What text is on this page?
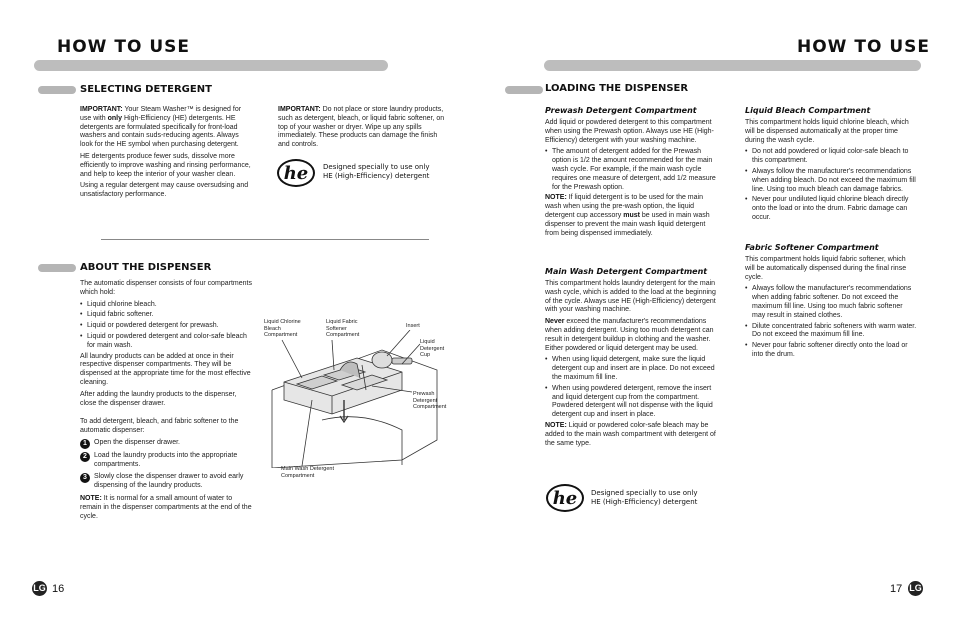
HOW TO USE
SELECTING DETERGENT

IMPORTANT: Your Steam Washer™ is designed for use with only High-Efficiency (HE) detergents. HE detergents are formulated specifically for front-load washers and contain suds-reducing agents. Always look for the HE symbol when purchasing detergent.

HE detergents produce fewer suds, dissolve more efficiently to improve washing and rinsing performance, and help to keep the interior of your washer clean.

Using a regular detergent may cause oversudsing and unsatisfactory performance.

IMPORTANT: Do not place or store laundry products, such as detergent, bleach, or liquid fabric softener, on top of your washer or dryer. Wipe up any spills immediately. These products can damage the finish and controls.

he	Designed specially to use only
HE (High-Efficiency) detergent
ABOUT THE DISPENSER

The automatic dispenser consists of four compartments which hold:

• Liquid chlorine bleach.
• Liquid fabric softener.
• Liquid or powdered detergent for prewash.
• Liquid or powdered detergent and color-safe bleach for main wash.

All laundry products can be added at once in their respective dispenser compartments. They will be dispensed at the appropriate time for the most effective cleaning.

After adding the laundry products to the dispenser, close the dispenser drawer.

To add detergent, bleach, and fabric softener to the automatic dispenser:

1	Open the dispenser drawer.
2	Load the laundry products into the appropriate compartments.
3	Slowly close the dispenser drawer to avoid early dispensing of the laundry products.

NOTE: It is normal for a small amount of water to remain in the dispenser compartments at the end of the cycle.

Liquid Chlorine Bleach Compartment
Liquid Fabric Softener Compartment
Insert
Liquid Detergent Cup
Prewash Detergent Compartment
Main Wash Detergent Compartment
LG 16
HOW TO USE
LOADING THE DISPENSER
Prewash Detergent Compartment

Add liquid or powdered detergent to this compartment when using the Prewash option. Always use HE (High-Efficiency) detergent with your washing machine.

• The amount of detergent added for the Prewash option is 1/2 the amount recommended for the main wash cycle. For example, if the main wash cycle requires one measure of detergent, add 1/2 measure for the Prewash option.

NOTE: If liquid detergent is to be used for the main wash when using the pre-wash option, the liquid detergent cup accessory must be used in main wash dispenser to prevent the main wash liquid detergent from being dispensed immediately.

Main Wash Detergent Compartment

This compartment holds laundry detergent for the main wash cycle, which is added to the load at the beginning of the cycle. Always use HE (High-Efficiency) detergent with your washing machine.

Never exceed the manufacturer's recommendations when adding detergent. Using too much detergent can result in detergent buildup in clothing and the washer. Either powdered or liquid detergent may be used.

• When using liquid detergent, make sure the liquid detergent cup and insert are in place. Do not exceed the maximum fill line.
• When using powdered detergent, remove the insert and liquid detergent cup from the compartment. Powdered detergent will not dispense with the liquid detergent cup and insert in place.

NOTE: Liquid or powdered color-safe bleach may be added to the main wash compartment with detergent of the same type.

he	Designed specially to use only
HE (High-Efficiency) detergent
Liquid Bleach Compartment

This compartment holds liquid chlorine bleach, which will be dispensed automatically at the proper time during the wash cycle.

• Do not add powdered or liquid color-safe bleach to this compartment.
• Always follow the manufacturer's recommendations when adding bleach. Do not exceed the maximum fill line. Using too much bleach can damage fabrics.
• Never pour undiluted liquid chlorine bleach directly onto the load or into the drum. Fabric damage can occur.
Fabric Softener Compartment

This compartment holds liquid fabric softener, which will be automatically dispensed during the final rinse cycle.

• Always follow the manufacturer's recommendations when adding fabric softener. Do not exceed the maximum fill line. Using too much fabric softener may result in stained clothes.
• Dilute concentrated fabric softeners with warm water. Do not exceed the maximum fill line.
• Never pour fabric softener directly onto the load or into the drum.
17 LG
